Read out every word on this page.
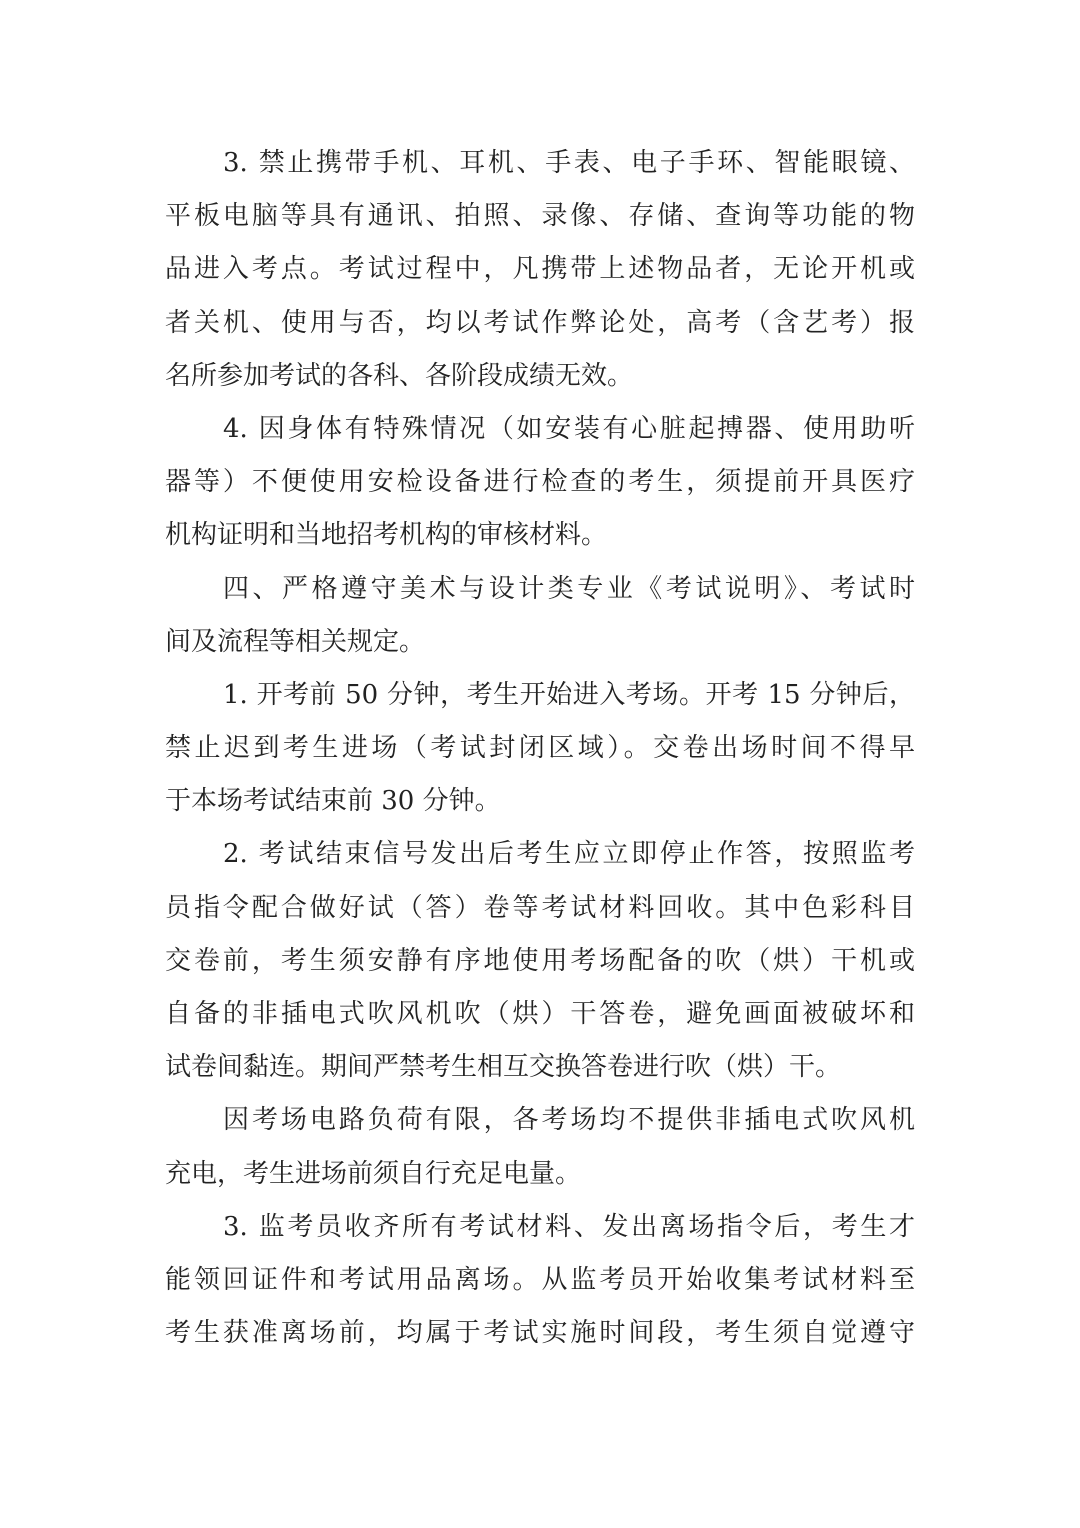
3. 禁止携带手机、耳机、手表、电子手环、智能眼镜、
平板电脑等具有通讯、拍照、录像、存储、查询等功能的物
品进入考点。考试过程中，凡携带上述物品者，无论开机或
者关机、使用与否，均以考试作弊论处，高考（含艺考）报
名所参加考试的各科、各阶段成绩无效。
4. 因身体有特殊情况（如安装有心脏起搏器、使用助听
器等）不便使用安检设备进行检查的考生，须提前开具医疗
机构证明和当地招考机构的审核材料。
四、严格遵守美术与设计类专业《考试说明》、考试时
间及流程等相关规定。
1. 开考前 50 分钟，考生开始进入考场。开考 15 分钟后，
禁止迟到考生进场（考试封闭区域）。交卷出场时间不得早
于本场考试结束前 30 分钟。
2. 考试结束信号发出后考生应立即停止作答，按照监考
员指令配合做好试（答）卷等考试材料回收。其中色彩科目
交卷前，考生须安静有序地使用考场配备的吹（烘）干机或
自备的非插电式吹风机吹（烘）干答卷，避免画面被破坏和
试卷间黏连。期间严禁考生相互交换答卷进行吹（烘）干。
因考场电路负荷有限，各考场均不提供非插电式吹风机
充电，考生进场前须自行充足电量。
3. 监考员收齐所有考试材料、发出离场指令后，考生才
能领回证件和考试用品离场。从监考员开始收集考试材料至
考生获准离场前，均属于考试实施时间段，考生须自觉遵守
